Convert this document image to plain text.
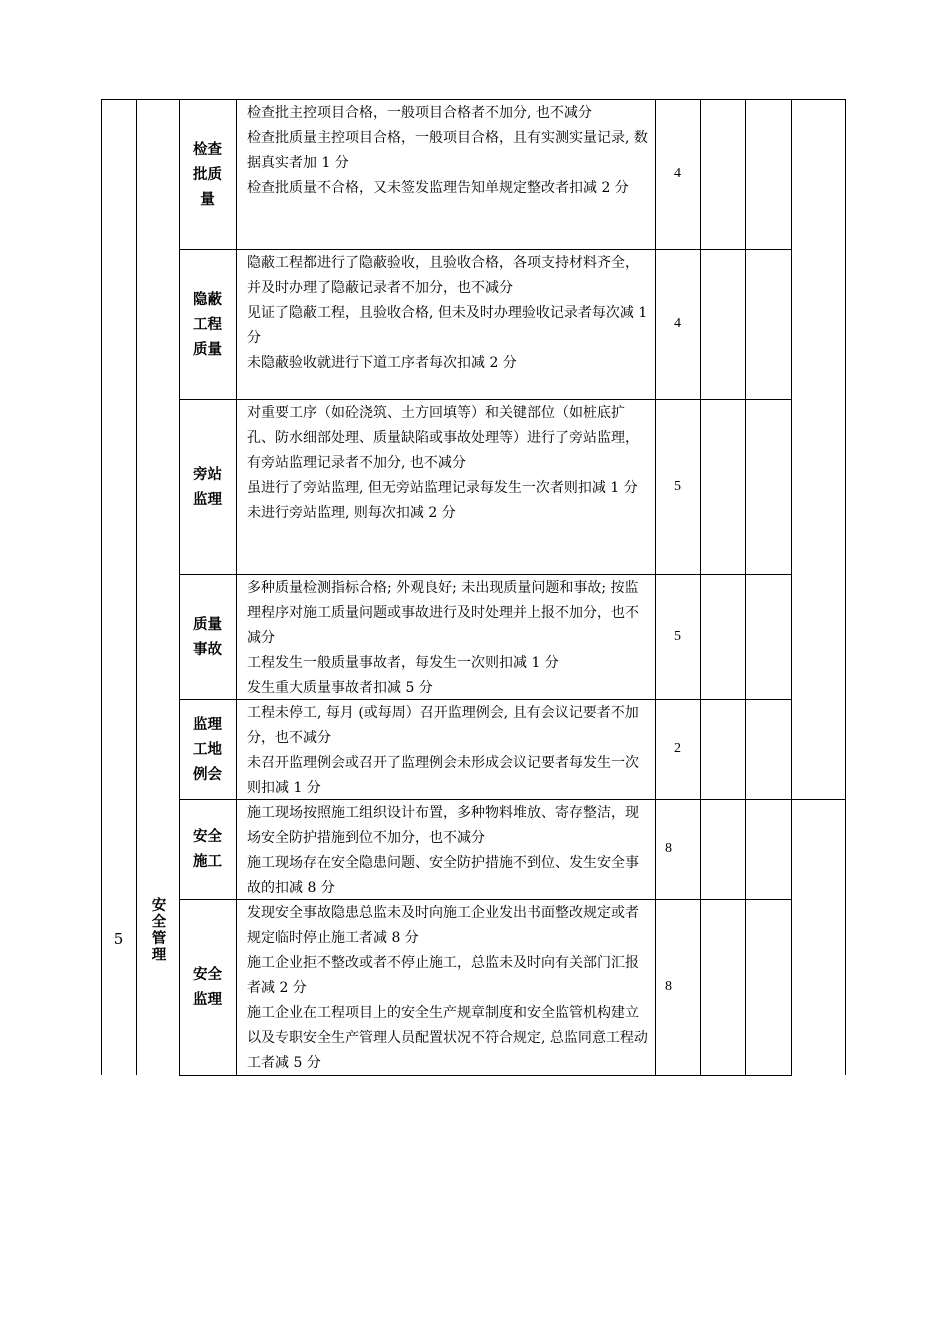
5	安全管理
检查
批质
量

检查批主控项目合格，一般项目合格者不加分, 也不减分

检查批质量主控项目合格，一般项目合格，且有实测实量记录, 数据真实者加 1 分

检查批质量不合格，又未签发监理告知单规定整改者扣减 2 分

4
隐蔽
工程
质量

隐蔽工程都进行了隐蔽验收，且验收合格，各项支持材料齐全，并及时办理了隐蔽记录者不加分，也不减分

见证了隐蔽工程，且验收合格, 但未及时办理验收记录者每次减 1 分

未隐蔽验收就进行下道工序者每次扣减 2 分

4
旁站
监理

对重要工序（如砼浇筑、土方回填等）和关键部位（如桩底扩孔、防水细部处理、质量缺陷或事故处理等）进行了旁站监理，有旁站监理记录者不加分, 也不减分

虽进行了旁站监理, 但无旁站监理记录每发生一次者则扣减 1 分

未进行旁站监理, 则每次扣减 2 分

5
质量
事故

多种质量检测指标合格; 外观良好; 未出现质量问题和事故; 按监理程序对施工质量问题或事故进行及时处理并上报不加分，也不减分

工程发生一般质量事故者，每发生一次则扣减 1 分

发生重大质量事故者扣减 5 分

5
监理
工地
例会

工程未停工, 每月 (或每周）召开监理例会, 且有会议记要者不加分，也不减分

未召开监理例会或召开了监理例会未形成会议记要者每发生一次则扣减 1 分

2
安全
施工

施工现场按照施工组织设计布置，多种物料堆放、寄存整洁，现场安全防护措施到位不加分，也不减分

施工现场存在安全隐患问题、安全防护措施不到位、发生安全事故的扣减 8 分

8
安全
监理

发现安全事故隐患总监未及时向施工企业发出书面整改规定或者规定临时停止施工者减 8 分

施工企业拒不整改或者不停止施工，总监未及时向有关部门汇报者减 2 分

施工企业在工程项目上的安全生产规章制度和安全监管机构建立以及专职安全生产管理人员配置状况不符合规定, 总监同意工程动工者减 5 分

8
